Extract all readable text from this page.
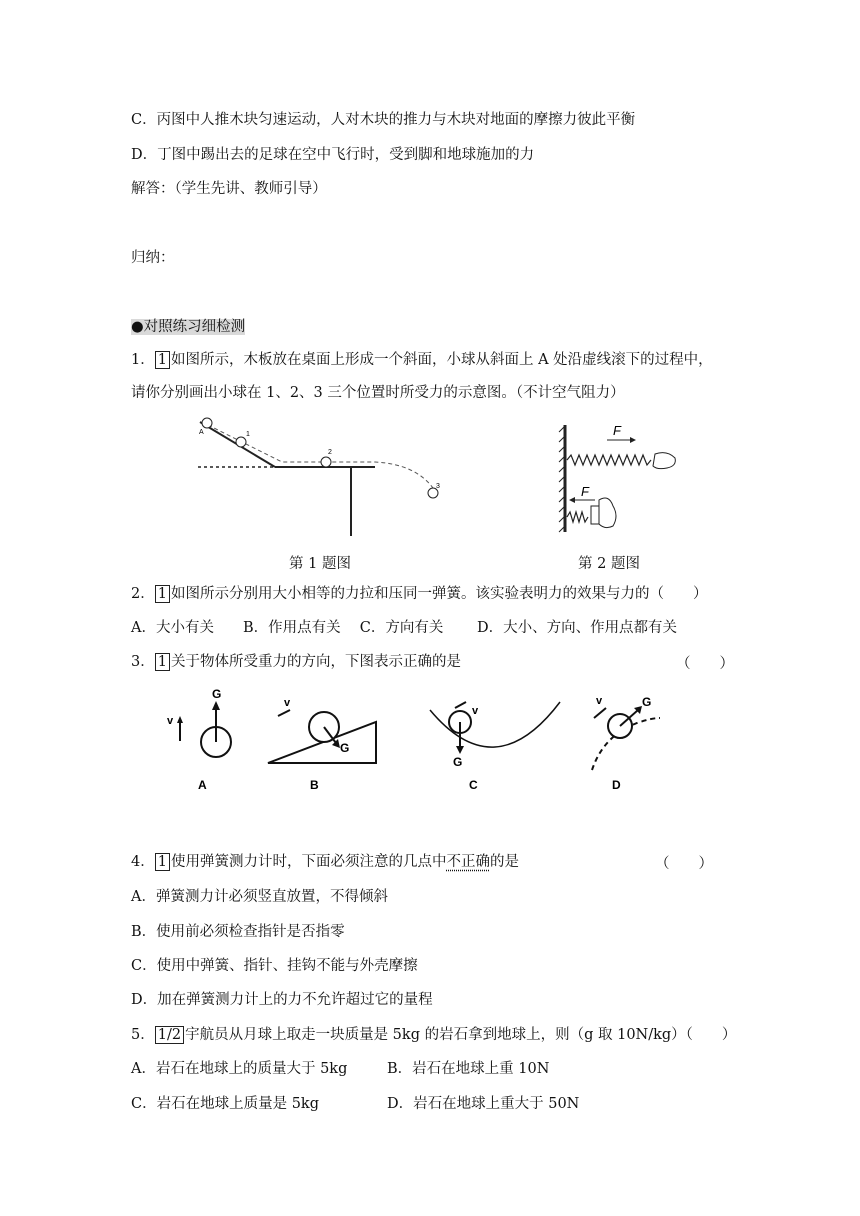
C．丙图中人推木块匀速运动，人对木块的推力与木块对地面的摩擦力彼此平衡
D．丁图中踢出去的足球在空中飞行时，受到脚和地球施加的力
解答：（学生先讲、教师引导）
归纳：
●对照练习细检测
1． 1 如图所示，木板放在桌面上形成一个斜面，小球从斜面上 A 处沿虚线滚下的过程中，
请你分别画出小球在 1、2、3 三个位置时所受力的示意图。（不计空气阻力）
A	1
2
3
F
F
第 1 题图	第 2 题图
2． 1 如图所示分别用大小相等的力拉和压同一弹簧。该实验表明力的效果与力的（　　）
A．大小有关　　B．作用点有关　 C．方向有关　　 D．大小、方向、作用点都有关
3． 1 关于物体所受重力的方向，下图表示正确的是	（　　）
G
v
A
G
v
B
G
v
C
G
v
D
4． 1 使用弹簧测力计时，下面必须注意的几点中不正确的是	（　　）
A．弹簧测力计必须竖直放置，不得倾斜
B．使用前必须检查指针是否指零
C．使用中弹簧、指针、挂钩不能与外壳摩擦
D．加在弹簧测力计上的力不允许超过它的量程
5． 1/2 宇航员从月球上取走一块质量是 5kg 的岩石拿到地球上，则（g 取 10N/kg）（　　）
A．岩石在地球上的质量大于 5kg	B．岩石在地球上重 10N
C．岩石在地球上质量是 5kg	D．岩石在地球上重大于 50N
